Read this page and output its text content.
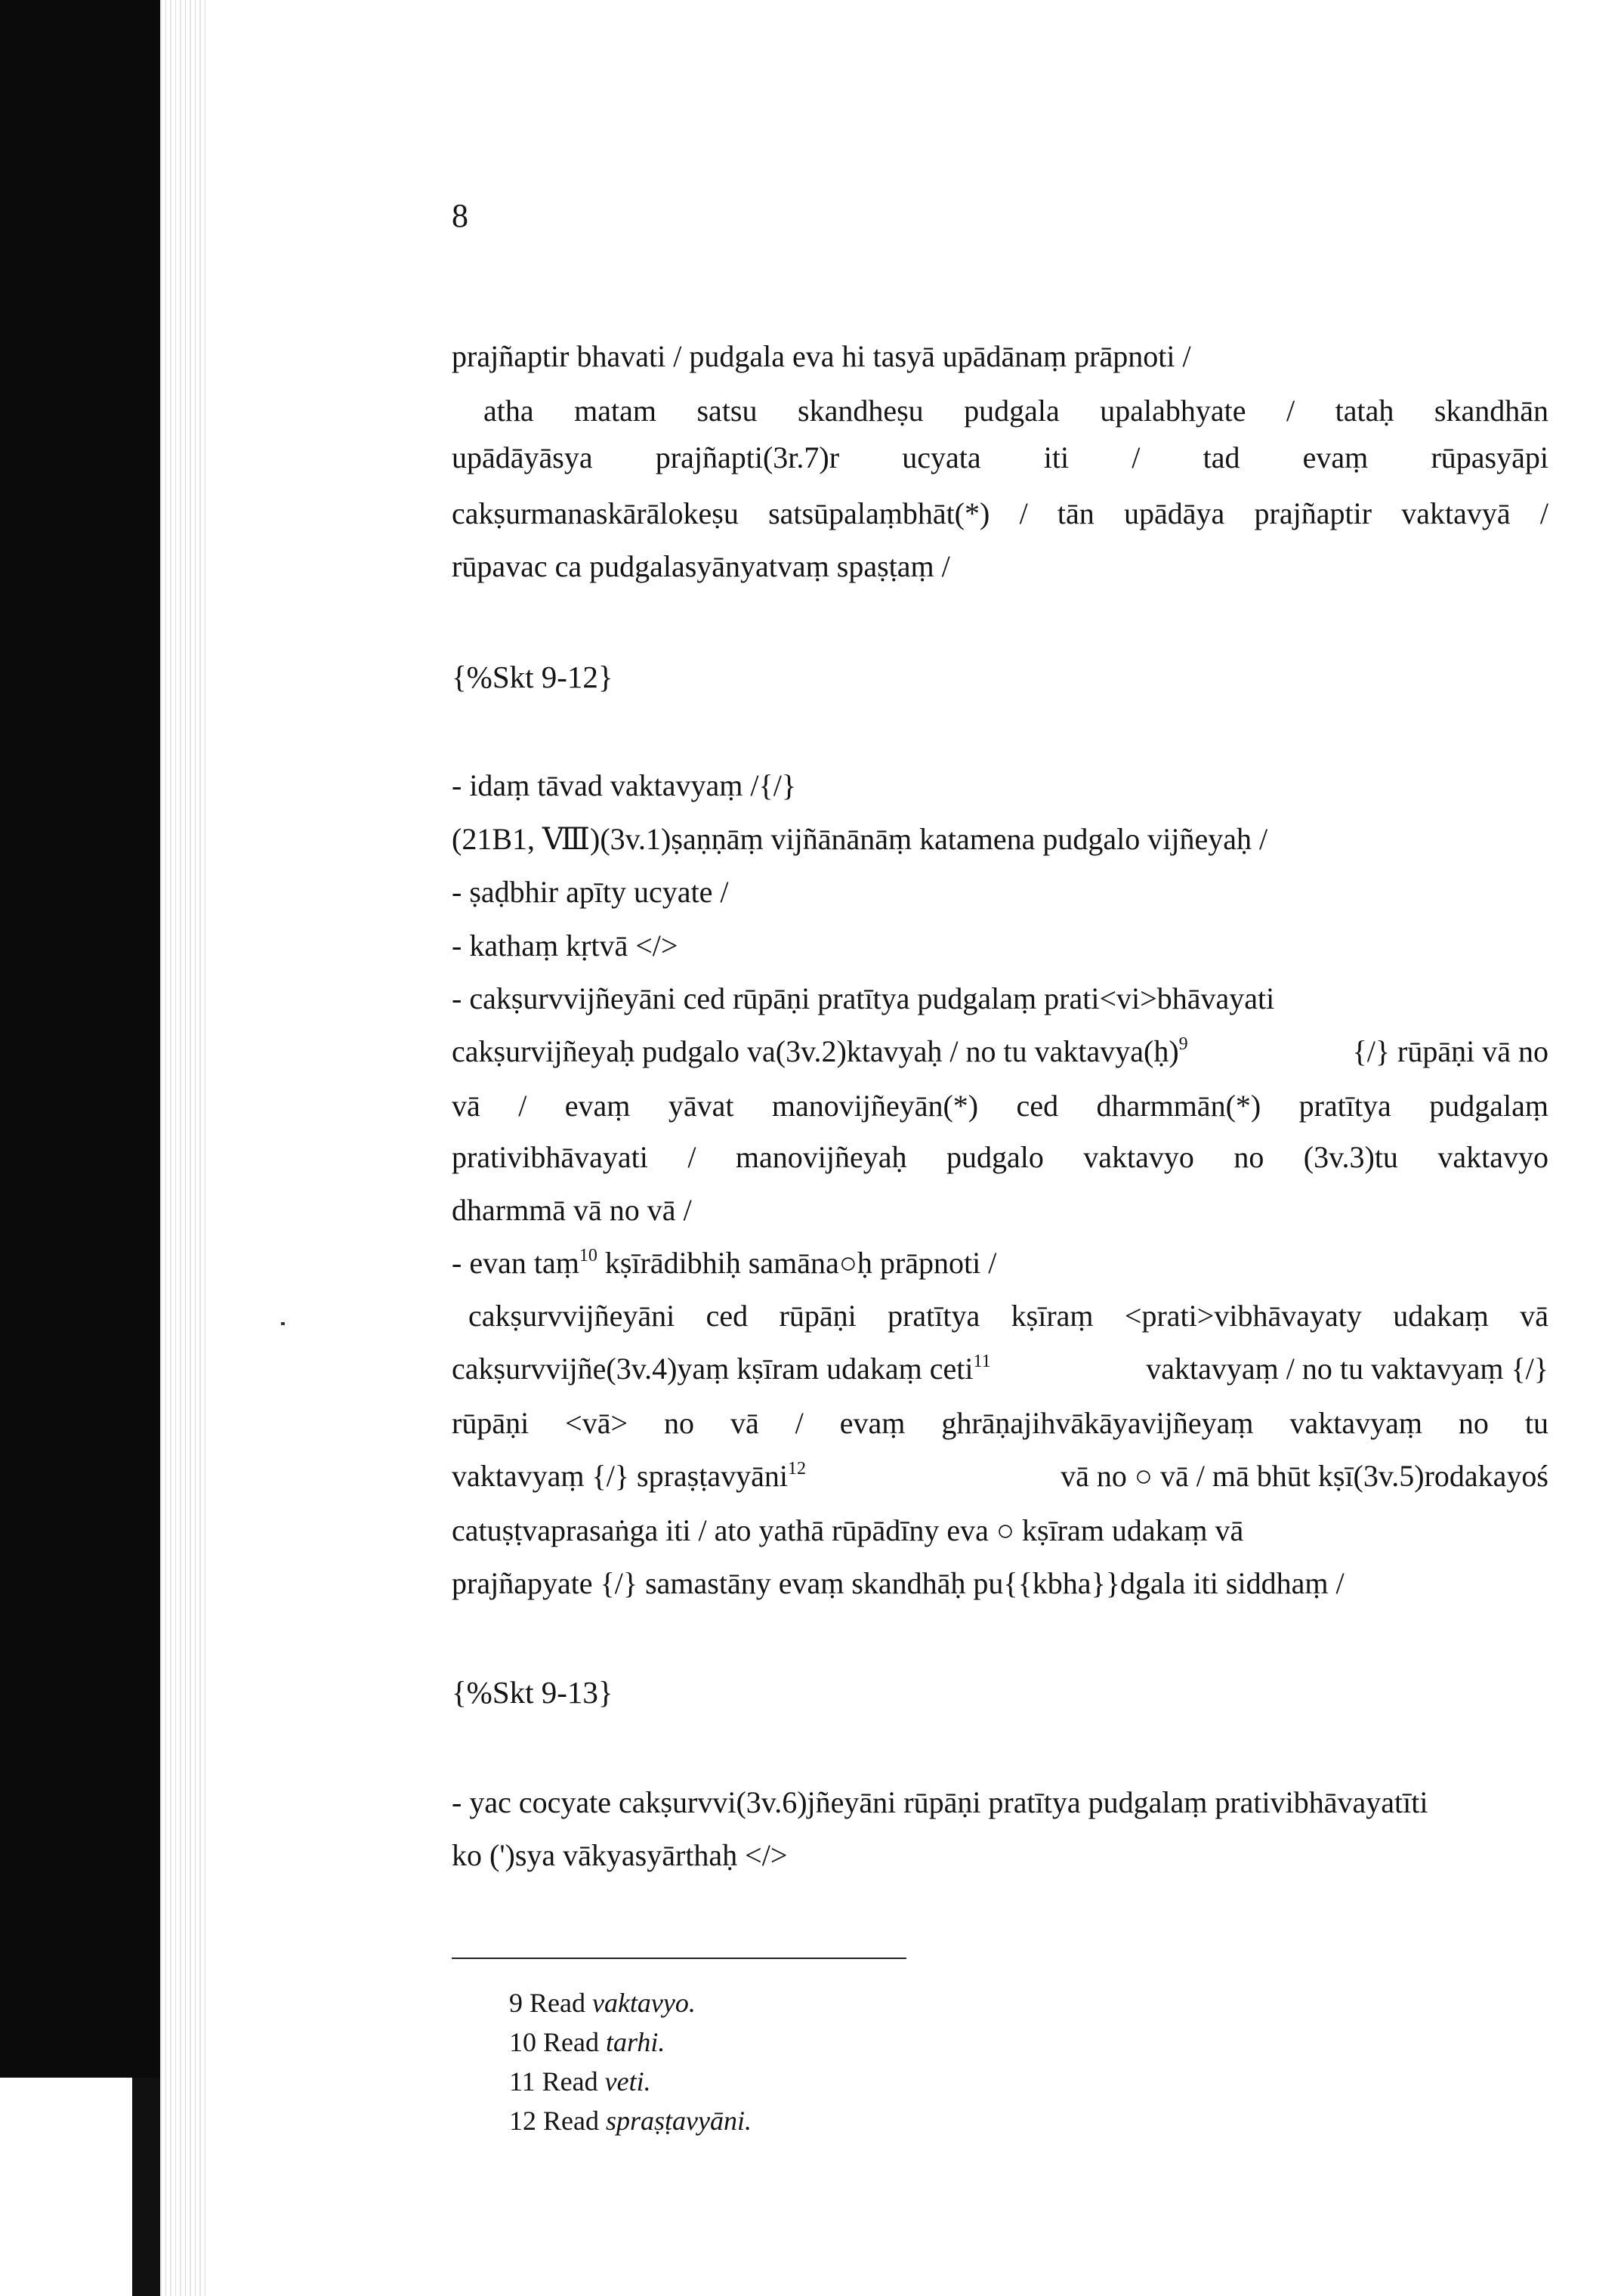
8

prajñaptir bhavati / pudgala eva hi tasyā upādānaṃ prāpnoti /

atha matam satsu skandheṣu pudgala upalabhyate / tataḥ skandhān

upādāyāsya prajñapti(3r.7)r ucyata iti / tad evaṃ rūpasyāpi

cakṣurmanaskārālokeṣu satsūpalaṃbhāt(*) / tān upādāya prajñaptir vaktavyā /

rūpavac ca pudgalasyānyatvaṃ spaṣṭaṃ /

{%Skt 9-12}

- idaṃ tāvad vaktavyaṃ /{/}

(21B1, Ⅷ)(3v.1)ṣaṇṇāṃ vijñānānāṃ katamena pudgalo vijñeyaḥ /

- ṣaḍbhir apīty ucyate /

- kathaṃ kṛtvā </>

- cakṣurvvijñeyāni ced rūpāṇi pratītya pudgalaṃ prati<vi>bhāvayati

cakṣurvijñeyaḥ pudgalo va(3v.2)ktavyaḥ / no tu vaktavya(ḥ)$^9$	{/} rūpāṇi vā no

vā / evaṃ yāvat manovijñeyān(*) ced dharmmān(*) pratītya pudgalaṃ

prativibhāvayati / manovijñeyaḥ pudgalo vaktavyo no (3v.3)tu vaktavyo

dharmmā vā no vā /

- evan taṃ$^{10}$ kṣīrādibhiḥ samāna○ḥ prāpnoti /

cakṣurvvijñeyāni ced rūpāṇi pratītya kṣīraṃ <prati>vibhāvayaty udakaṃ vā

cakṣurvvijñe(3v.4)yaṃ kṣīram udakaṃ ceti$^{11}$	vaktavyaṃ / no tu vaktavyaṃ {/}

rūpāṇi <vā> no vā / evaṃ ghrāṇajihvākāyavijñeyaṃ vaktavyaṃ no tu

vaktavyaṃ {/} spraṣṭavyāni$^{12}$	vā no ○ vā / mā bhūt kṣī(3v.5)rodakayoś

catuṣṭvaprasaṅga iti / ato yathā rūpādīny eva ○ kṣīram udakaṃ vā

prajñapyate {/} samastāny evaṃ skandhāḥ pu{{kbha}}dgala iti siddhaṃ /

{%Skt 9-13}

- yac cocyate cakṣurvvi(3v.6)jñeyāni rūpāṇi pratītya pudgalaṃ prativibhāvayatīti

ko (')sya vākyasyārthaḥ </>

9 Read vaktavyo.
10 Read tarhi.
11 Read veti.
12 Read spraṣṭavyāni.
